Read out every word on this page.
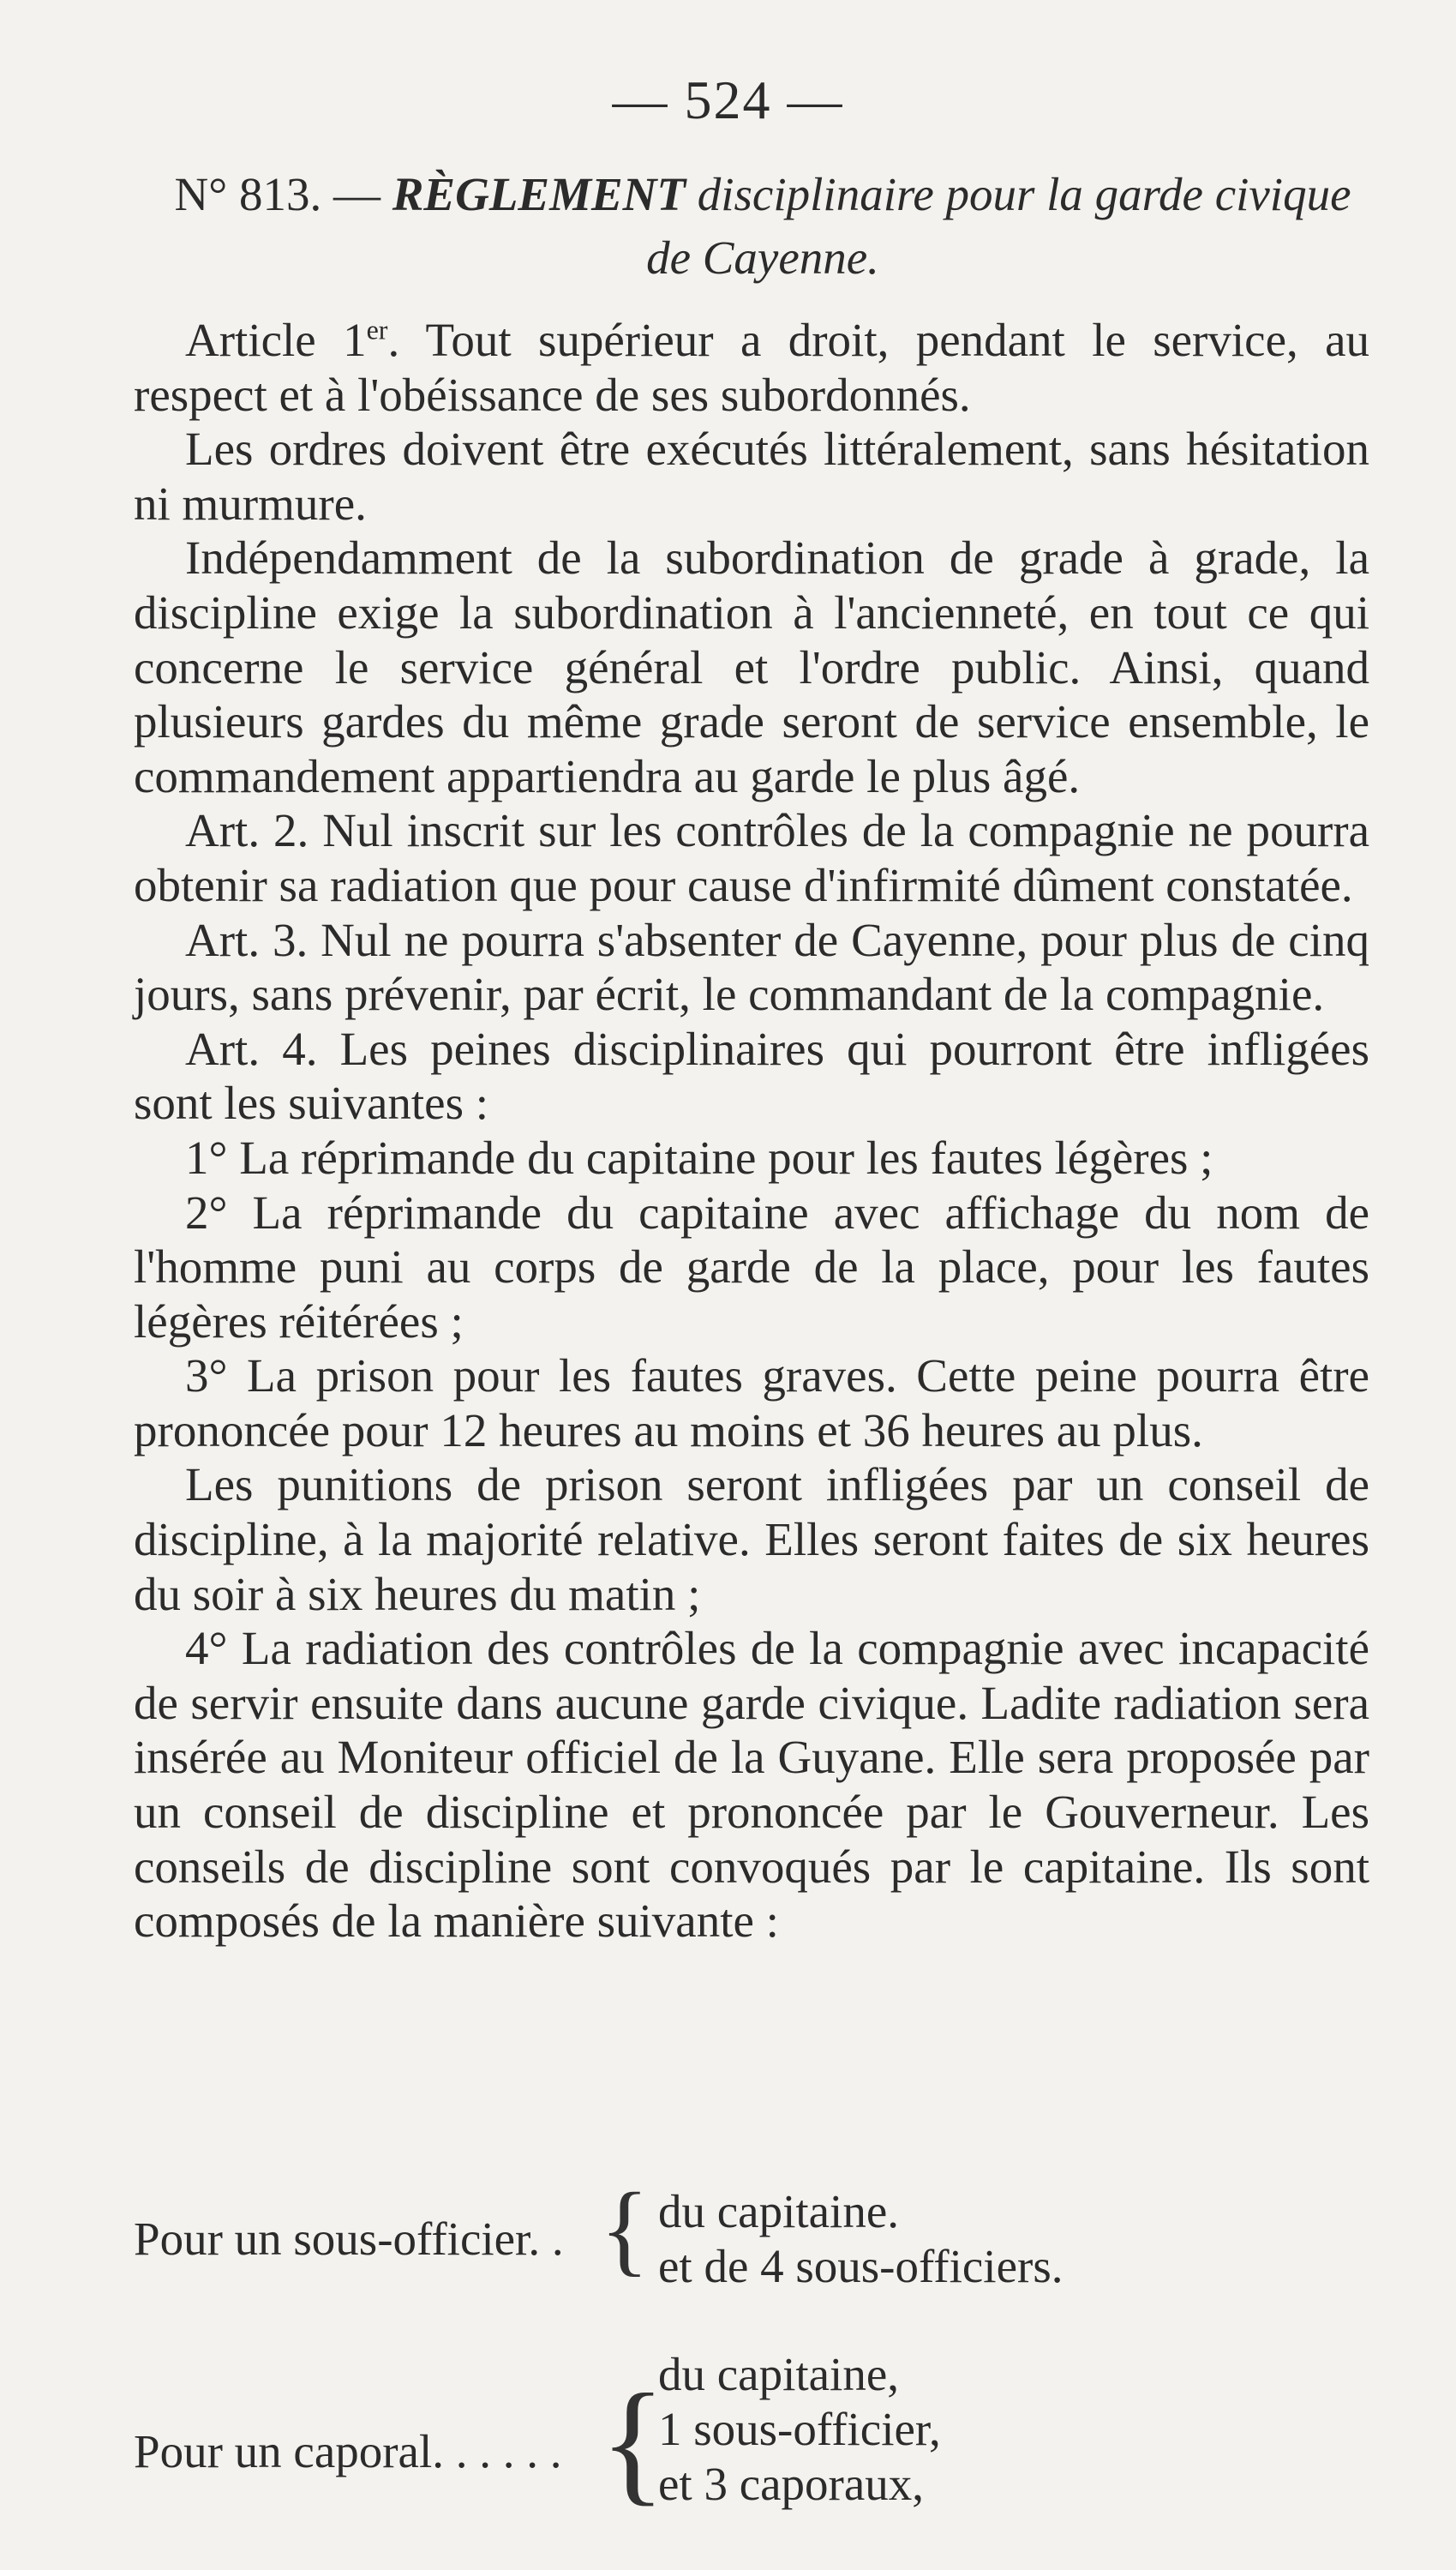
— 524 —
N° 813. — RÈGLEMENT disciplinaire pour la garde civique
de Cayenne.

Article 1er. Tout supérieur a droit, pendant le service, au respect et à l'obéissance de ses subordonnés.

Les ordres doivent être exécutés littéralement, sans hésitation ni murmure.

Indépendamment de la subordination de grade à grade, la discipline exige la subordination à l'ancienneté, en tout ce qui concerne le service général et l'ordre public. Ainsi, quand plusieurs gardes du même grade seront de service ensemble, le commandement appartiendra au garde le plus âgé.

Art. 2. Nul inscrit sur les contrôles de la compagnie ne pourra obtenir sa radiation que pour cause d'infirmité dûment constatée.

Art. 3. Nul ne pourra s'absenter de Cayenne, pour plus de cinq jours, sans prévenir, par écrit, le commandant de la compagnie.

Art. 4. Les peines disciplinaires qui pourront être infligées sont les suivantes :

1° La réprimande du capitaine pour les fautes légères ;

2° La réprimande du capitaine avec affichage du nom de l'homme puni au corps de garde de la place, pour les fautes légères réitérées ;

3° La prison pour les fautes graves. Cette peine pourra être prononcée pour 12 heures au moins et 36 heures au plus.

Les punitions de prison seront infligées par un conseil de discipline, à la majorité relative. Elles seront faites de six heures du soir à six heures du matin ;

4° La radiation des contrôles de la compagnie avec incapacité de servir ensuite dans aucune garde civique. Ladite radiation sera insérée au Moniteur officiel de la Guyane. Elle sera proposée par un conseil de discipline et prononcée par le Gouverneur. Les conseils de discipline sont convoqués par le capitaine. Ils sont composés de la manière suivante :

Pour un sous-officier. . { du capitaine.
et de 4 sous-officiers.
Pour un caporal. . . . . . {
du capitaine,
1 sous-officier,
et 3 caporaux,
